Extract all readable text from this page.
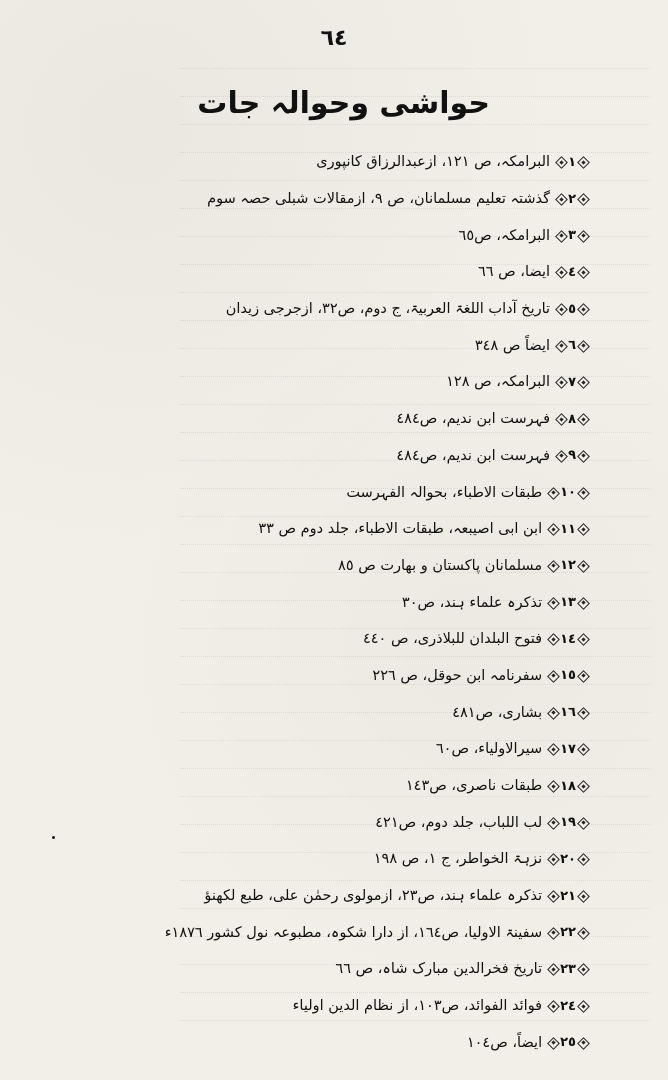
٦٤
حواشی وحوالہ جات
١
البرامکہ، ص ١٢١، ازعبدالرزاق کانپوری
٢
گذشتہ تعلیم مسلمانان، ص ٩، ازمقالات شبلی حصہ سوم
٣
البرامکہ، ص٦٥
٤
ایضا، ص ٦٦
٥
تاریخ آداب اللغۃ العربیۃ، ج دوم، ص٣٢، ازجرجی زیدان
٦
ایضاً ص ٣٤٨
٧
البرامکہ، ص ١٢٨
٨
فہرست ابن ندیم، ص٤٨٤
٩
فہرست ابن ندیم، ص٤٨٤
١٠
طبقات الاطباء، بحوالہ الفہرست
١١
ابن ابی اصیبعہ، طبقات الاطباء، جلد دوم ص ٣٣
١٢
مسلمانان پاکستان و بھارت ص ٨٥
١٣
تذکرہ علماء ہند، ص٣٠
١٤
فتوح البلدان للبلاذری، ص ٤٤٠
١٥
سفرنامہ ابن حوقل، ص ٢٢٦
١٦
بشاری، ص٤٨١
١٧
سیرالاولیاء، ص٦٠
١٨
طبقات ناصری، ص١٤٣
١٩
لب اللباب، جلد دوم، ص٤٢١
٢٠
نزہۃ الخواطر، ج ١، ص ١٩٨
٢١
تذکرہ علماء ہند، ص٢٣، ازمولوی رحمٰن علی، طبع لکھنؤ
٢٢
سفینۃ الاولیا، ص١٦٤، از دارا شکوہ، مطبوعہ نول کشور ١٨٧٦ء
٢٣
تاریخ فخرالدین مبارک شاہ، ص ٦٦
٢٤
فوائد الفوائد، ص١٠٣، از نظام الدین اولیاء
٢٥
ایضاً، ص١٠٤
